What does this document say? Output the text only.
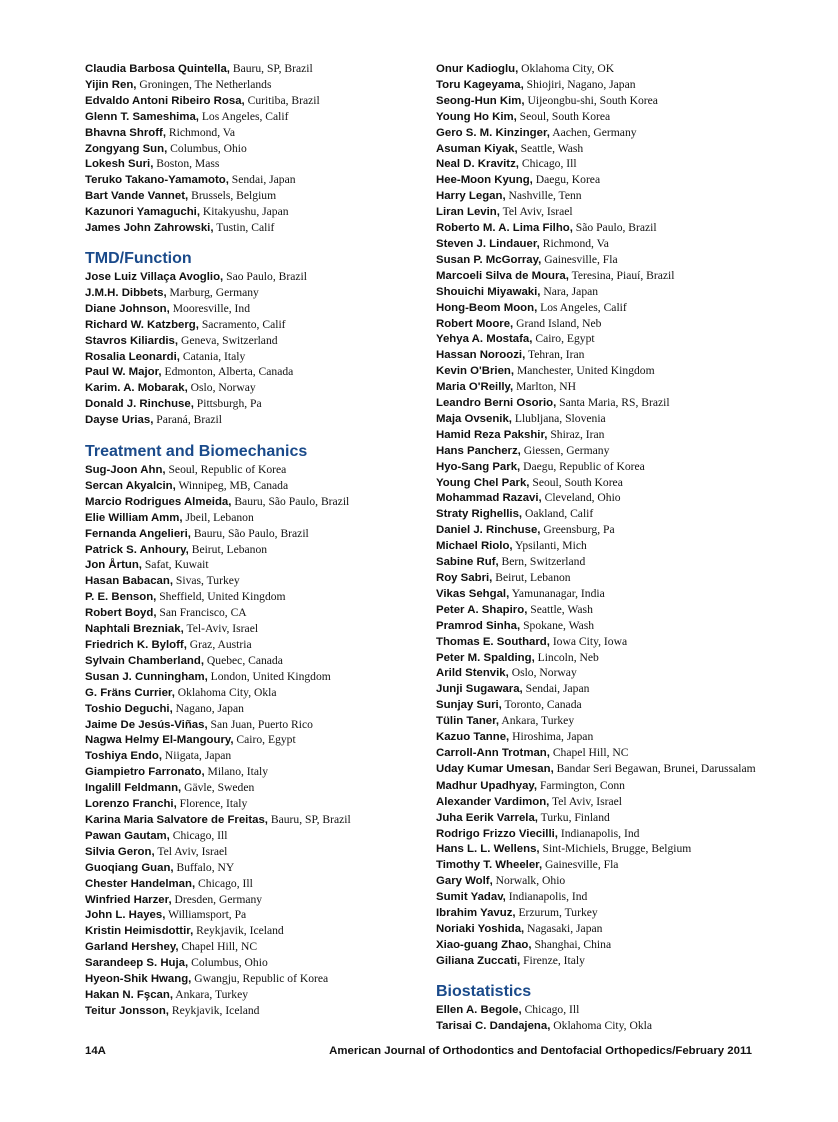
Claudia Barbosa Quintella, Bauru, SP, Brazil
Yijin Ren, Groningen, The Netherlands
Edvaldo Antoni Ribeiro Rosa, Curitiba, Brazil
Glenn T. Sameshima, Los Angeles, Calif
Bhavna Shroff, Richmond, Va
Zongyang Sun, Columbus, Ohio
Lokesh Suri, Boston, Mass
Teruko Takano-Yamamoto, Sendai, Japan
Bart Vande Vannet, Brussels, Belgium
Kazunori Yamaguchi, Kitakyushu, Japan
James John Zahrowski, Tustin, Calif
TMD/Function
Jose Luiz Villaça Avoglio, Sao Paulo, Brazil
J.M.H. Dibbets, Marburg, Germany
Diane Johnson, Mooresville, Ind
Richard W. Katzberg, Sacramento, Calif
Stavros Kiliardis, Geneva, Switzerland
Rosalia Leonardi, Catania, Italy
Paul W. Major, Edmonton, Alberta, Canada
Karim. A. Mobarak, Oslo, Norway
Donald J. Rinchuse, Pittsburgh, Pa
Dayse Urias, Paraná, Brazil
Treatment and Biomechanics
Sug-Joon Ahn, Seoul, Republic of Korea
Sercan Akyalcin, Winnipeg, MB, Canada
Marcio Rodrigues Almeida, Bauru, São Paulo, Brazil
Elie William Amm, Jbeil, Lebanon
Fernanda Angelieri, Bauru, São Paulo, Brazil
Patrick S. Anhoury, Beirut, Lebanon
Jon Årtun, Safat, Kuwait
Hasan Babacan, Sivas, Turkey
P. E. Benson, Sheffield, United Kingdom
Robert Boyd, San Francisco, CA
Naphtali Brezniak, Tel-Aviv, Israel
Friedrich K. Byloff, Graz, Austria
Sylvain Chamberland, Quebec, Canada
Susan J. Cunningham, London, United Kingdom
G. Fräns Currier, Oklahoma City, Okla
Toshio Deguchi, Nagano, Japan
Jaime De Jesús-Viñas, San Juan, Puerto Rico
Nagwa Helmy El-Mangoury, Cairo, Egypt
Toshiya Endo, Niigata, Japan
Giampietro Farronato, Milano, Italy
Ingalill Feldmann, Gävle, Sweden
Lorenzo Franchi, Florence, Italy
Karina Maria Salvatore de Freitas, Bauru, SP, Brazil
Pawan Gautam, Chicago, Ill
Silvia Geron, Tel Aviv, Israel
Guoqiang Guan, Buffalo, NY
Chester Handelman, Chicago, Ill
Winfried Harzer, Dresden, Germany
John L. Hayes, Williamsport, Pa
Kristin Heimisdottir, Reykjavik, Iceland
Garland Hershey, Chapel Hill, NC
Sarandeep S. Huja, Columbus, Ohio
Hyeon-Shik Hwang, Gwangju, Republic of Korea
Hakan N. Fşcan, Ankara, Turkey
Teitur Jonsson, Reykjavik, Iceland
Onur Kadioglu, Oklahoma City, OK
Toru Kageyama, Shiojiri, Nagano, Japan
Seong-Hun Kim, Uijeongbu-shi, South Korea
Young Ho Kim, Seoul, South Korea
Gero S. M. Kinzinger, Aachen, Germany
Asuman Kiyak, Seattle, Wash
Neal D. Kravitz, Chicago, Ill
Hee-Moon Kyung, Daegu, Korea
Harry Legan, Nashville, Tenn
Liran Levin, Tel Aviv, Israel
Roberto M. A. Lima Filho, São Paulo, Brazil
Steven J. Lindauer, Richmond, Va
Susan P. McGorray, Gainesville, Fla
Marcoeli Silva de Moura, Teresina, Piauí, Brazil
Shouichi Miyawaki, Nara, Japan
Hong-Beom Moon, Los Angeles, Calif
Robert Moore, Grand Island, Neb
Yehya A. Mostafa, Cairo, Egypt
Hassan Noroozi, Tehran, Iran
Kevin O'Brien, Manchester, United Kingdom
Maria O'Reilly, Marlton, NH
Leandro Berni Osorio, Santa Maria, RS, Brazil
Maja Ovsenik, Llubljana, Slovenia
Hamid Reza Pakshir, Shiraz, Iran
Hans Pancherz, Giessen, Germany
Hyo-Sang Park, Daegu, Republic of Korea
Young Chel Park, Seoul, South Korea
Mohammad Razavi, Cleveland, Ohio
Straty Righellis, Oakland, Calif
Daniel J. Rinchuse, Greensburg, Pa
Michael Riolo, Ypsilanti, Mich
Sabine Ruf, Bern, Switzerland
Roy Sabri, Beirut, Lebanon
Vikas Sehgal, Yamunanagar, India
Peter A. Shapiro, Seattle, Wash
Pramrod Sinha, Spokane, Wash
Thomas E. Southard, Iowa City, Iowa
Peter M. Spalding, Lincoln, Neb
Arild Stenvik, Oslo, Norway
Junji Sugawara, Sendai, Japan
Sunjay Suri, Toronto, Canada
Tülin Taner, Ankara, Turkey
Kazuo Tanne, Hiroshima, Japan
Carroll-Ann Trotman, Chapel Hill, NC
Uday Kumar Umesan, Bandar Seri Begawan, Brunei, Darussalam
Madhur Upadhyay, Farmington, Conn
Alexander Vardimon, Tel Aviv, Israel
Juha Eerik Varrela, Turku, Finland
Rodrigo Frizzo Viecilli, Indianapolis, Ind
Hans L. L. Wellens, Sint-Michiels, Brugge, Belgium
Timothy T. Wheeler, Gainesville, Fla
Gary Wolf, Norwalk, Ohio
Sumit Yadav, Indianapolis, Ind
Ibrahim Yavuz, Erzurum, Turkey
Noriaki Yoshida, Nagasaki, Japan
Xiao-guang Zhao, Shanghai, China
Giliana Zuccati, Firenze, Italy
Biostatistics
Ellen A. Begole, Chicago, Ill
Tarisai C. Dandajena, Oklahoma City, Okla
14A	American Journal of Orthodontics and Dentofacial Orthopedics/February 2011
